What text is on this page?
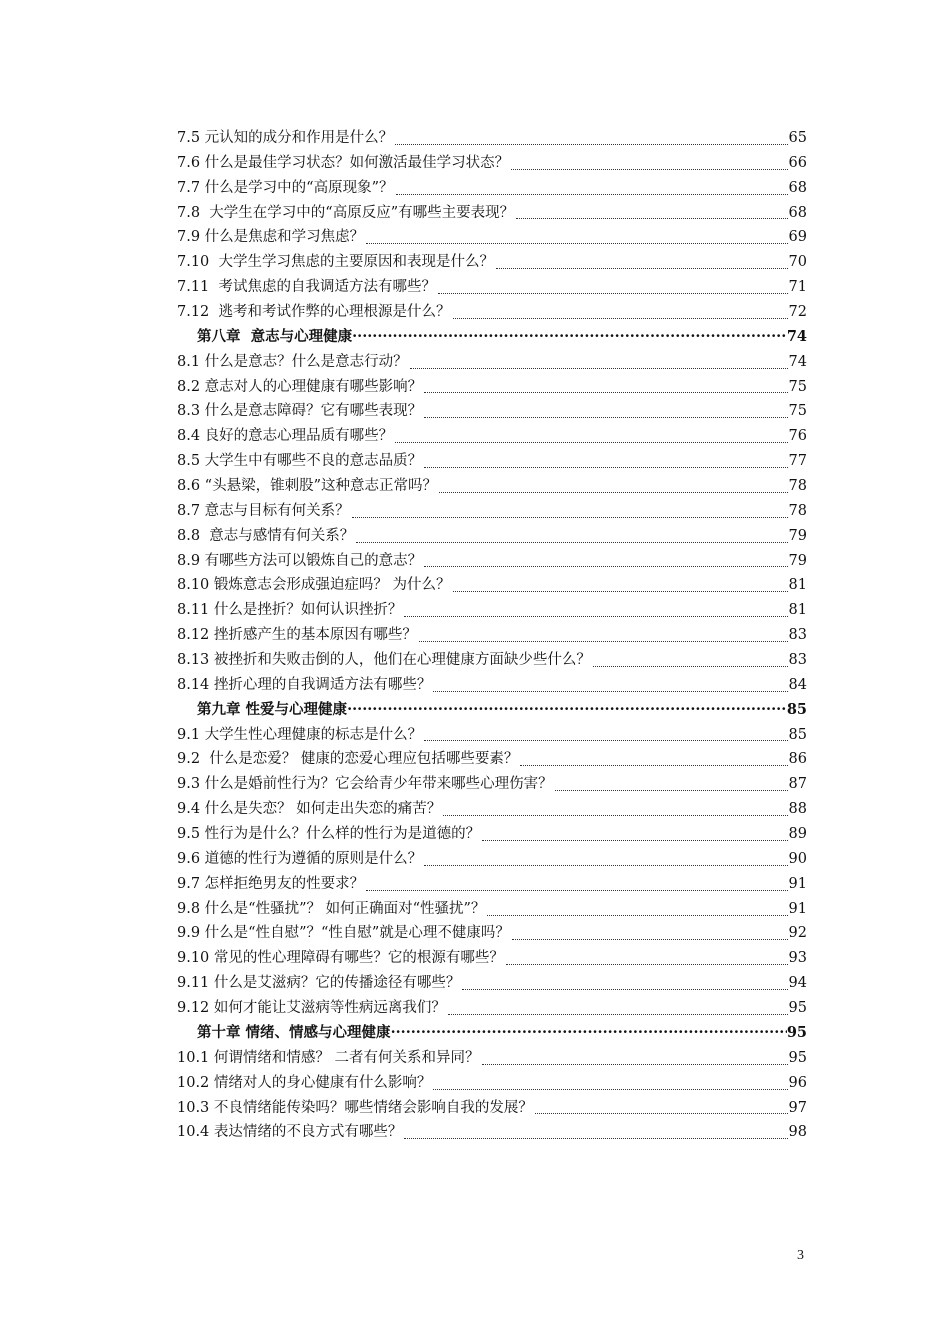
7.5 元认知的成分和作用是什么？	65
7.6 什么是最佳学习状态？如何激活最佳学习状态？	66
7.7 什么是学习中的“高原现象”？	68
7.8  大学生在学习中的“高原反应”有哪些主要表现？	68
7.9 什么是焦虑和学习焦虑？	69
7.10  大学生学习焦虑的主要原因和表现是什么？	70
7.11  考试焦虑的自我调适方法有哪些？	71
7.12  逃考和考试作弊的心理根源是什么？	72
第八章  意志与心理健康 ·····	74
8.1 什么是意志？什么是意志行动？	74
8.2 意志对人的心理健康有哪些影响？	75
8.3 什么是意志障碍？它有哪些表现？	75
8.4 良好的意志心理品质有哪些？	76
8.5 大学生中有哪些不良的意志品质？	77
8.6 “头悬梁，锥刺股”这种意志正常吗？	78
8.7 意志与目标有何关系？	78
8.8  意志与感情有何关系？	79
8.9 有哪些方法可以锻炼自己的意志？	79
8.10 锻炼意志会形成强迫症吗？ 为什么？	81
8.11 什么是挫折？如何认识挫折？	81
8.12 挫折感产生的基本原因有哪些？	83
8.13 被挫折和失败击倒的人，他们在心理健康方面缺少些什么？	83
8.14 挫折心理的自我调适方法有哪些？	84
第九章 性爱与心理健康 ·····	85
9.1 大学生性心理健康的标志是什么？	85
9.2  什么是恋爱？ 健康的恋爱心理应包括哪些要素？	86
9.3 什么是婚前性行为？它会给青少年带来哪些心理伤害？	87
9.4 什么是失恋？ 如何走出失恋的痛苦？	88
9.5 性行为是什么？什么样的性行为是道德的？	89
9.6 道德的性行为遵循的原则是什么？	90
9.7 怎样拒绝男友的性要求？	91
9.8 什么是“性骚扰”？ 如何正确面对“性骚扰”？	91
9.9 什么是“性自慰”？“性自慰”就是心理不健康吗？	92
9.10 常见的性心理障碍有哪些？它的根源有哪些？	93
9.11 什么是艾滋病？它的传播途径有哪些？	94
9.12 如何才能让艾滋病等性病远离我们？	95
第十章 情绪、情感与心理健康 ·····	95
10.1 何谓情绪和情感？ 二者有何关系和异同？	95
10.2 情绪对人的身心健康有什么影响？	96
10.3 不良情绪能传染吗？哪些情绪会影响自我的发展？	97
10.4 表达情绪的不良方式有哪些？	98
3
